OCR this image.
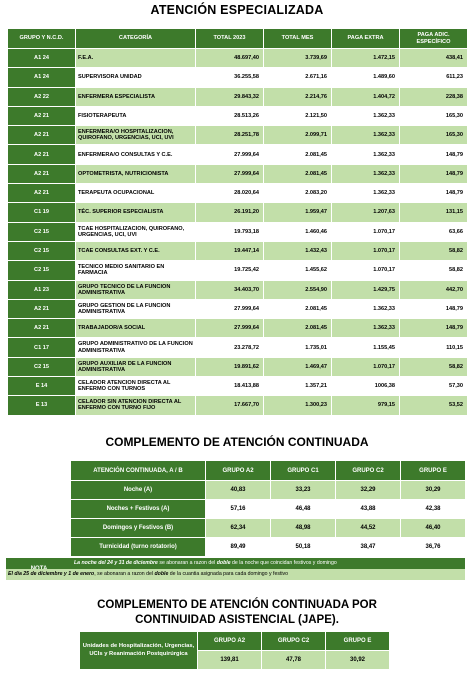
ATENCIÓN ESPECIALIZADA
GRUPO Y N.C.D.	CATEGORÍA	TOTAL 2023	TOTAL MES	PAGA EXTRA	PAGA ADIC. ESPECÍFICO
A1 24	F.E.A.	48.697,40	3.739,69	1.472,15	438,41
A1 24	SUPERVISORA UNIDAD	36.255,58	2.671,16	1.489,60	611,23
A2 22	ENFERMERA ESPECIALISTA	29.843,32	2.214,76	1.404,72	228,38
A2 21	FISIOTERAPEUTA	28.513,26	2.121,50	1.362,33	165,30
A2 21	ENFERMERA/O HOSPITALIZACION, QUIROFANO, URGENCIAS, UCI, UVI	28.251,78	2.099,71	1.362,33	165,30
A2 21	ENFERMERA/O CONSULTAS Y C.E.	27.999,64	2.081,45	1.362,33	148,79
A2 21	OPTOMETRISTA, NUTRICIONISTA	27.999,64	2.081,45	1.362,33	148,79
A2 21	TERAPEUTA OCUPACIONAL	28.020,64	2.083,20	1.362,33	148,79
C1 19	TÉC. SUPERIOR ESPECIALISTA	26.191,20	1.959,47	1.207,63	131,15
C2 15	TCAE HOSPITALIZACION, QUIROFANO, URGENCIAS, UCI, UVI	19.793,18	1.460,46	1.070,17	63,66
C2 15	TCAE CONSULTAS EXT. Y C.E.	19.447,14	1.432,43	1.070,17	58,82
C2 15	TECNICO MEDIO SANITARIO EN FARMACIA	19.725,42	1.455,62	1.070,17	58,82
A1 23	GRUPO TECNICO DE LA FUNCION ADMINISTRATIVA	34.403,70	2.554,90	1.429,75	442,70
A2 21	GRUPO GESTION DE LA FUNCION ADMINISTRATIVA	27.999,64	2.081,45	1.362,33	148,79
A2 21	TRABAJADOR/A SOCIAL	27.999,64	2.081,45	1.362,33	148,79
C1 17	GRUPO ADMINISTRATIVO DE LA FUNCION ADMINISTRATIVA	23.278,72	1.735,01	1.155,45	110,15
C2 15	GRUPO AUXILIAR DE LA FUNCION ADMINISTRATIVA	19.891,62	1.469,47	1.070,17	58,82
E 14	CELADOR ATENCION DIRECTA AL ENFERMO CON TURNOS	18.413,88	1.357,21	1006,38	57,30
E 13	CELADOR SIN ATENCION DIRECTA AL ENFERMO CON TURNO FIJO	17.667,70	1.300,23	979,15	53,52
COMPLEMENTO DE ATENCIÓN CONTINUADA
ATENCIÓN CONTINUADA, A / B	GRUPO A2	GRUPO C1	GRUPO C2	GRUPO E
Noche (A)	40,83	33,23	32,29	30,29
Noches + Festivos (A)	57,16	46,48	43,88	42,38
Domingos y Festivos (B)	62,34	48,98	44,52	46,40
Turnicidad (turno rotatorio)	89,49	50,18	38,47	36,76
La noche del 24 y 31 de diciembre se abonaran a razon del doble de la noche que coincidan festivos y domingo
El día 25 de diciembre y 1 de enero, se abonaran a razon del doble de la cuantia asignada para cada domingo y festivo
COMPLEMENTO DE ATENCIÓN CONTINUADA POR
CONTINUIDAD ASISTENCIAL (JAPE).
Unidades de Hospitalización, Urgencias, UCIs y Reanimación Postquirúrgica	GRUPO A2	GRUPO C2	GRUPO E
	139,81	47,78	30,92
